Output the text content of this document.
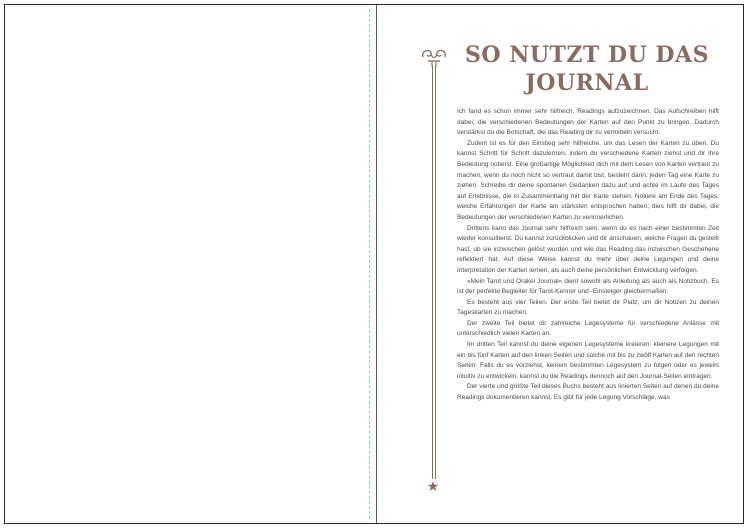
★
SO NUTZT DU DAS JOURNAL

Ich fand es schon immer sehr hilfreich, Readings aufzuzeichnen. Das Aufschreiben hilft dabei, die verschiedenen Bedeutungen der Karten auf den Punkt zu bringen. Dadurch verstärkst du die Botschaft, die das Reading dir zu vermitteln versucht.

Zudem ist es für den Einstieg sehr hilfreiche, um das Lesen der Karten zu üben. Du kannst Schritt für Schritt dazulernen, indem du verschiedene Karten ziehst und dir ihre Bedeutung notierst. Eine großartige Möglichkeit dich mit dem Lesen von Karten vertraut zu machen, wenn du noch nicht so vertraut damit bist, besteht darin, jeden Tag eine Karte zu ziehen. Schreibe dir deine spontanen Gedanken dazu auf und achte im Laufe des Tages auf Erlebnisse, die in Zusammenhang mit der Karte stehen. Notiere am Ende des Tages, welche Erfahrungen der Karte am stärksten entsprochen haben; dies hilft dir dabei, die Bedeutungen der verschiedenen Karten zu verinnerlichen.

Drittens kann das Journal sehr hilfreich sein, wenn du es nach einer bestimmten Zeit wieder konsultierst. Du kannst zurückblicken und dir anschauen, welche Fragen du gestellt hast, ob sie inzwischen gelöst wurden und wie das Reading das inzwischen Geschehene reflektiert hat. Auf diese Weise kannst du mehr über deine Legungen und deine Interpretation der Karten lernen, als auch deine persönlichen Entwicklung verfolgen.

»Mein Tarot und Orakel Journal« dient sowohl als Anleitung als auch als Notizbuch. Es ist der perfekte Begleiter für Tarot-Kenner und -Einsteiger gleichermaßen.

Es besteht aus vier Teilen. Der erste Teil bietet dir Platz, um dir Notizen zu deinen Tageskarten zu machen.

Der zweite Teil bietet dir zahlreiche Legesysteme für verschiedene Anlässe mit unterschiedlich vielen Karten an.

Im dritten Teil kannst du deine eigenen Legesysteme kreieren: kleinere Legungen mit ein bis fünf Karten auf den linken Seiten und solche mit bis zu zwölf Karten auf den rechten Seiten. Falls du es vorziehst, keinem bestimmten Legesystem zu folgen oder es jeweils intuitiv zu entwickeln, kannst du die Readings dennoch auf den Journal-Seiten eintragen.

Der vierte und größte Teil dieses Buchs besteht aus linierten Seiten auf denen du deine Readings dokumentieren kannst. Es gibt für jede Legung Vorschläge, was
